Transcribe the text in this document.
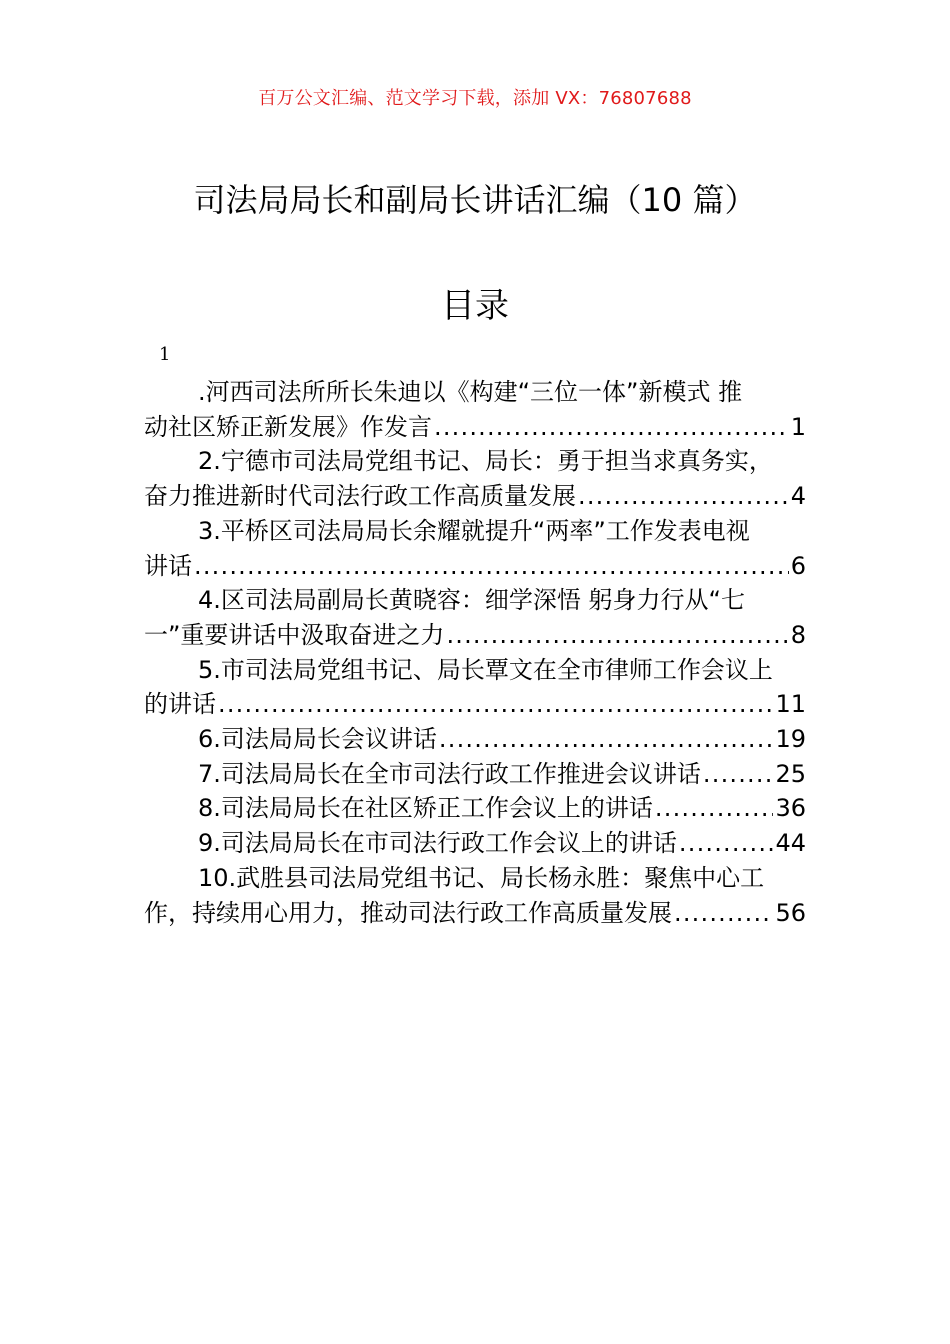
百万公文汇编、范文学习下载，添加 VX：76807688
司法局局长和副局长讲话汇编（10 篇）
目录
1
.河西司法所所长朱迪以《构建“三位一体”新模式 推
动社区矫正新发展》作发言 .....	1
2.宁德市司法局党组书记、局长：勇于担当求真务实，
奋力推进新时代司法行政工作高质量发展 .....	4
3.平桥区司法局局长余耀就提升“两率”工作发表电视
讲话 .....	6
4.区司法局副局长黄晓容：细学深悟 躬身力行从“七
一”重要讲话中汲取奋进之力 .....	8
5.市司法局党组书记、局长覃文在全市律师工作会议上
的讲话 .....	11
6.司法局局长会议讲话 .....	19
7.司法局局长在全市司法行政工作推进会议讲话 .....	25
8.司法局局长在社区矫正工作会议上的讲话 .....	36
9.司法局局长在市司法行政工作会议上的讲话 .....	44
10.武胜县司法局党组书记、局长杨永胜：聚焦中心工
作，持续用心用力，推动司法行政工作高质量发展 .....	56
